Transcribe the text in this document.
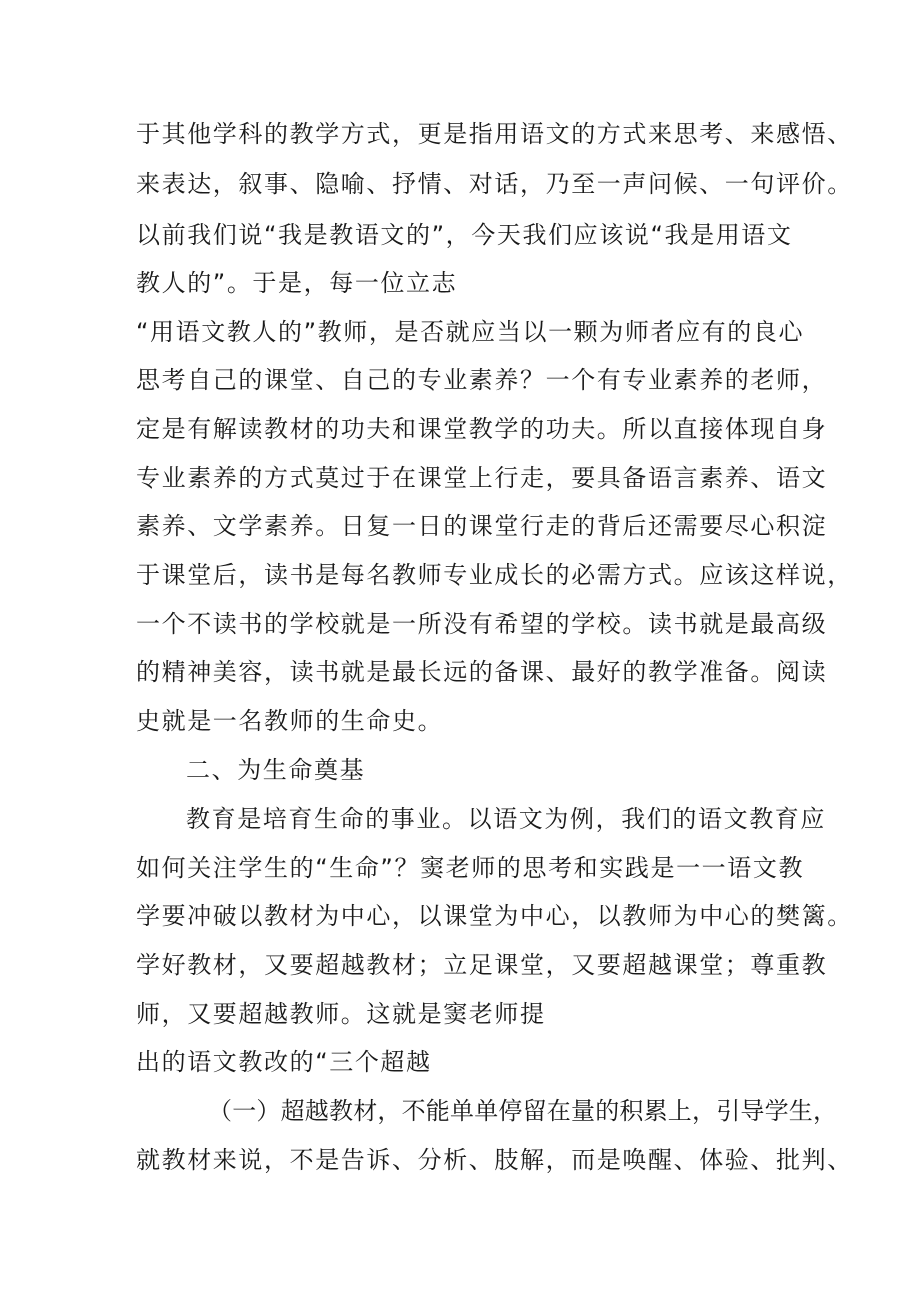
于其他学科的教学方式，更是指用语文的方式来思考、来感悟、
来表达，叙事、隐喻、抒情、对话，乃至一声问候、一句评价。
以前我们说“我是教语文的”，今天我们应该说“我是用语文
教人的”。于是，每一位立志
“用语文教人的”教师，是否就应当以一颗为师者应有的良心
思考自己的课堂、自己的专业素养？一个有专业素养的老师，
定是有解读教材的功夫和课堂教学的功夫。所以直接体现自身
专业素养的方式莫过于在课堂上行走，要具备语言素养、语文
素养、文学素养。日复一日的课堂行走的背后还需要尽心积淀
于课堂后，读书是每名教师专业成长的必需方式。应该这样说，
一个不读书的学校就是一所没有希望的学校。读书就是最高级
的精神美容，读书就是最长远的备课、最好的教学准备。阅读
史就是一名教师的生命史。
二、为生命奠基
教育是培育生命的事业。以语文为例，我们的语文教育应
如何关注学生的“生命”？窦老师的思考和实践是一一语文教
学要冲破以教材为中心，以课堂为中心，以教师为中心的樊篱。
学好教材，又要超越教材；立足课堂，又要超越课堂；尊重教
师，又要超越教师。这就是窦老师提
出的语文教改的“三个超越
（一）超越教材，不能单单停留在量的积累上，引导学生，
就教材来说，不是告诉、分析、肢解，而是唤醒、体验、批判、
